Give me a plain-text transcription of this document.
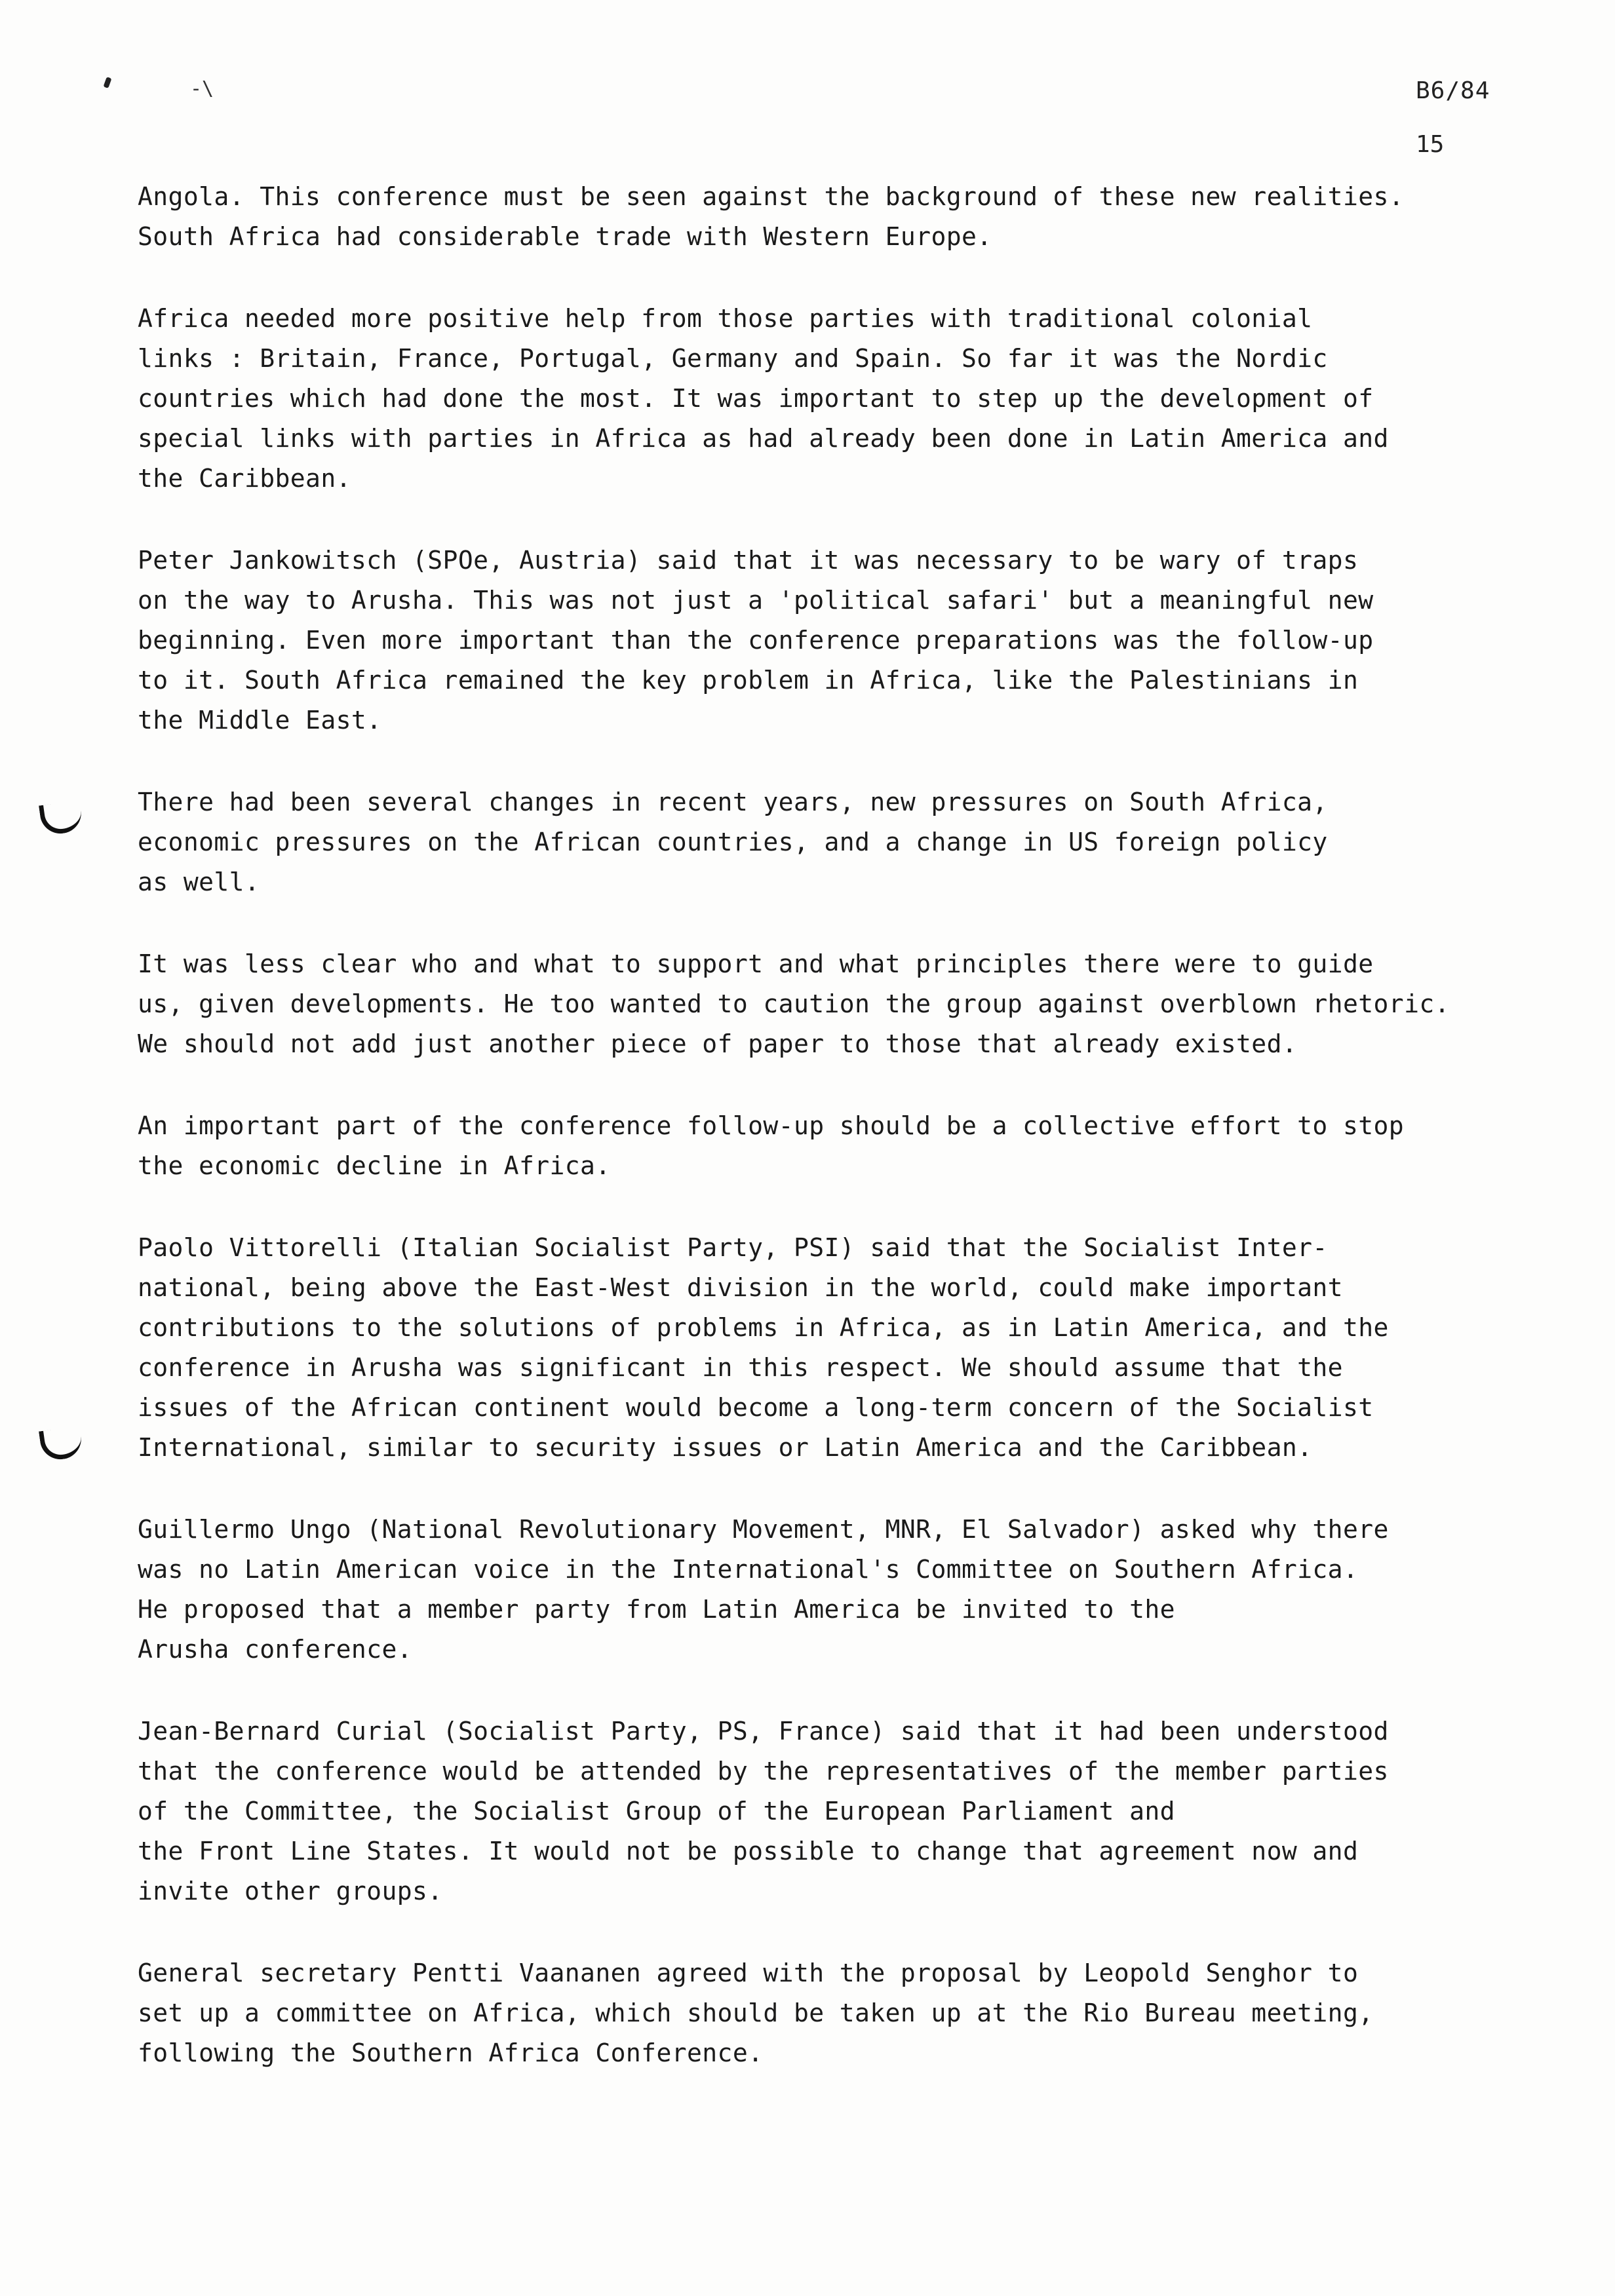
-\	B6/84
15

Angola. This conference must be seen against the background of these new realities.
South Africa had considerable trade with Western Europe.

Africa needed more positive help from those parties with traditional colonial
links : Britain, France, Portugal, Germany and Spain. So far it was the Nordic
countries which had done the most. It was important to step up the development of
special links with parties in Africa as had already been done in Latin America and
the Caribbean.

Peter Jankowitsch (SPOe, Austria) said that it was necessary to be wary of traps
on the way to Arusha. This was not just a 'political safari' but a meaningful new
beginning. Even more important than the conference preparations was the follow-up
to it. South Africa remained the key problem in Africa, like the Palestinians in
the Middle East.

There had been several changes in recent years, new pressures on South Africa,
economic pressures on the African countries, and a change in US foreign policy
as well.

It was less clear who and what to support and what principles there were to guide
us, given developments. He too wanted to caution the group against overblown rhetoric.
We should not add just another piece of paper to those that already existed.

An important part of the conference follow-up should be a collective effort to stop
the economic decline in Africa.

Paolo Vittorelli (Italian Socialist Party, PSI) said that the Socialist Inter-
national, being above the East-West division in the world, could make important
contributions to the solutions of problems in Africa, as in Latin America, and the
conference in Arusha was significant in this respect. We should assume that the
issues of the African continent would become a long-term concern of the Socialist
International, similar to security issues or Latin America and the Caribbean.

Guillermo Ungo (National Revolutionary Movement, MNR, El Salvador) asked why there
was no Latin American voice in the International's Committee on Southern Africa.
He proposed that a member party from Latin America be invited to the
Arusha conference.

Jean-Bernard Curial (Socialist Party, PS, France) said that it had been understood
that the conference would be attended by the representatives of the member parties
of the Committee, the Socialist Group of the European Parliament and
the Front Line States. It would not be possible to change that agreement now and
invite other groups.

General secretary Pentti Vaananen agreed with the proposal by Leopold Senghor to
set up a committee on Africa, which should be taken up at the Rio Bureau meeting,
following the Southern Africa Conference.
